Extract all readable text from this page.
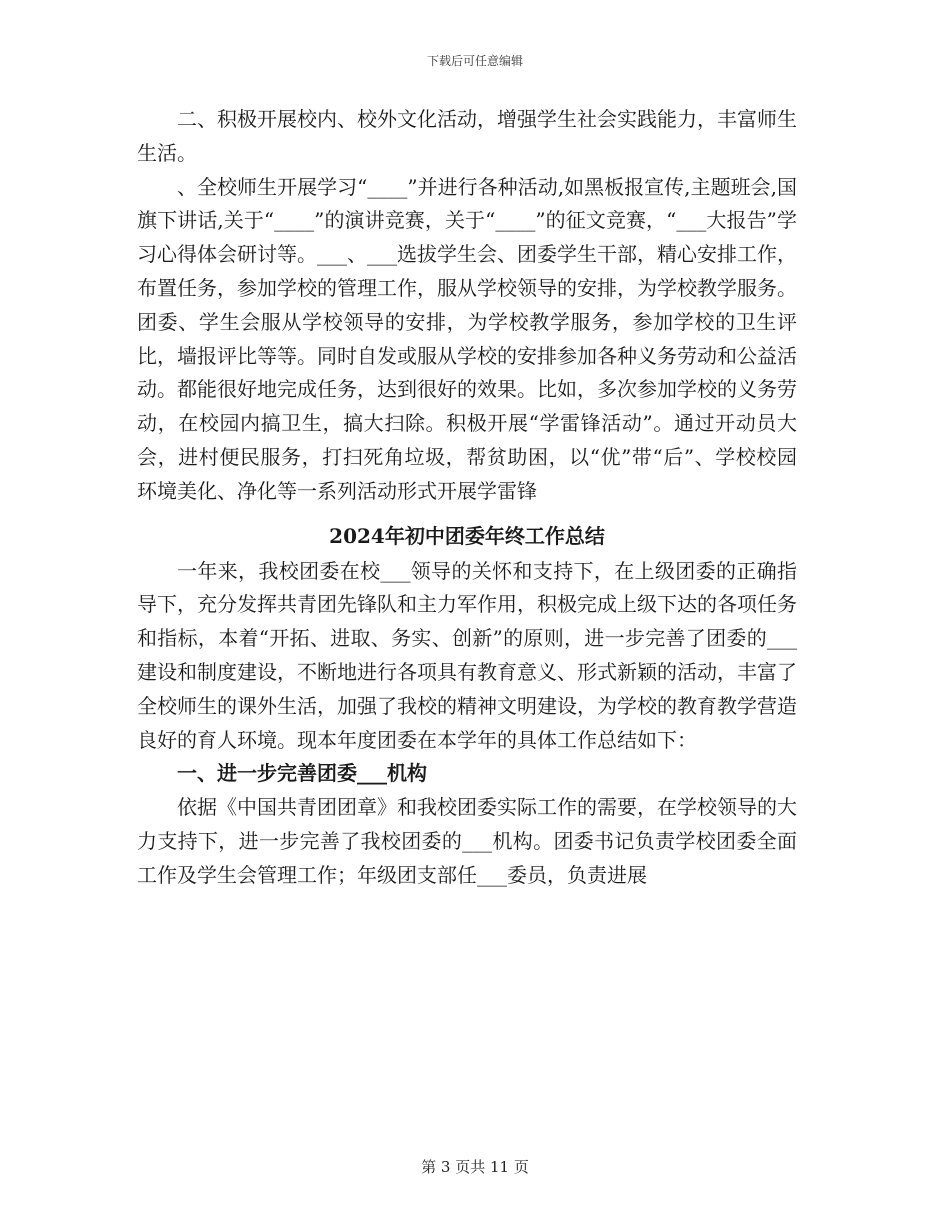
下载后可任意编辑

二、积极开展校内、校外文化活动，增强学生社会实践能力，丰富师生生活。

、全校师生开展学习“____”并进行各种活动,如黑板报宣传,主题班会,国旗下讲话,关于“____”的演讲竞赛，关于“____”的征文竞赛，“___大报告”学习心得体会研讨等。___、___选拔学生会、团委学生干部，精心安排工作，布置任务，参加学校的管理工作，服从学校领导的安排，为学校教学服务。团委、学生会服从学校领导的安排，为学校教学服务，参加学校的卫生评比，墙报评比等等。同时自发或服从学校的安排参加各种义务劳动和公益活动。都能很好地完成任务，达到很好的效果。比如，多次参加学校的义务劳动，在校园内搞卫生，搞大扫除。积极开展“学雷锋活动”。通过开动员大会，进村便民服务，打扫死角垃圾，帮贫助困，以“优”带“后”、学校校园环境美化、净化等一系列活动形式开展学雷锋

2024年初中团委年终工作总结

一年来，我校团委在校___领导的关怀和支持下，在上级团委的正确指导下，充分发挥共青团先锋队和主力军作用，积极完成上级下达的各项任务和指标，本着“开拓、进取、务实、创新”的原则，进一步完善了团委的___建设和制度建设，不断地进行各项具有教育意义、形式新颖的活动，丰富了全校师生的课外生活，加强了我校的精神文明建设，为学校的教育教学营造良好的育人环境。现本年度团委在本学年的具体工作总结如下：

一、进一步完善团委___机构

依据《中国共青团团章》和我校团委实际工作的需要，在学校领导的大力支持下，进一步完善了我校团委的___机构。团委书记负责学校团委全面工作及学生会管理工作；年级团支部任___委员，负责进展

第 3 页共 11 页
